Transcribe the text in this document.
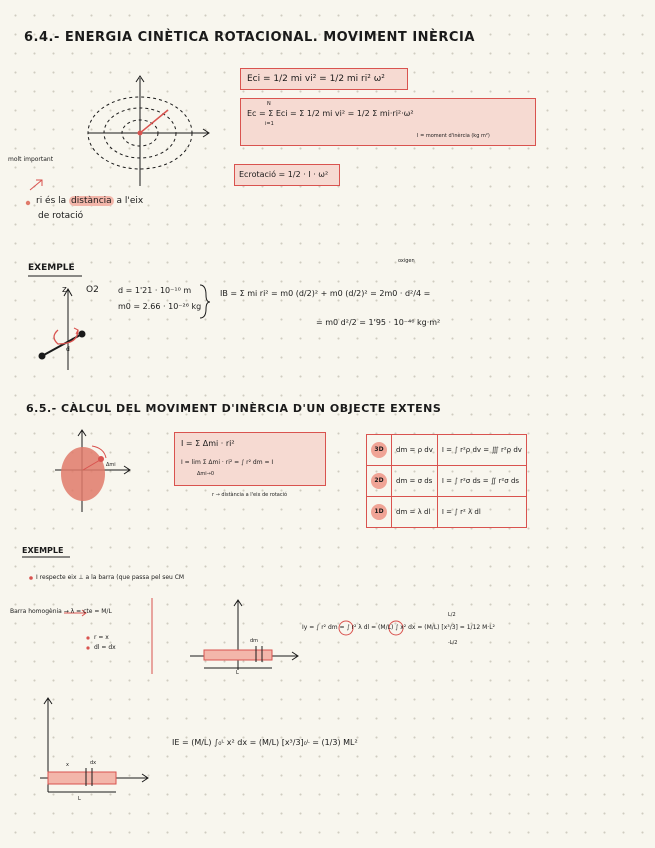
6.4.- ENERGIA CINÈTICA ROTACIONAL. MOVIMENT INÈRCIA
Eci = 1/2 mi vi² = 1/2 mi ri² ω²
Ec = Σ Eci = Σ 1/2 mi vi² = 1/2 Σ mi·ri²·ω²
N
i=1
I = moment d'inèrcia (kg m²)
Ecrotació = 1/2 · I · ω²
molt important
ri és la distància a l'eix
de rotació
EXEMPLE
z O2 d = 1'21 · 10⁻¹⁰ m
m0 = 2.66 · 10⁻²⁶ kg
d
IB = Σ mi ri² = m0 (d/2)² + m0 (d/2)² = 2m0 · d²/4 =
oxigen
= m0 d²/2 = 1'95 · 10⁻⁴⁶ kg·m²
6.5.- CÀLCUL DEL MOVIMENT D'INÈRCIA D'UN OBJECTE EXTENS
Δmi
I = Σ Δmi · ri²
I = lim Σ Δmi · ri² = ∫ r² dm = I
Δmi→0
r → distància a l'eix de rotació
3D	dm = ρ dv	I = ∫ r²ρ dv = ∭ r²ρ dv
2D	dm = σ ds	I = ∫ r²σ ds = ∬ r²σ ds
1D	dm = λ dl	I = ∫ r² λ dl
EXEMPLE
I respecte eix ⊥ a la barra (que passa pel seu CM
Barra homogènia → λ = cte = M/L
r = x
dl = dx
dm
L
Iy = ∫ r² dm = ∫ r² λ dl = (M/L) ∫ x² dx = (M/L) [x³/3] = 1/12 M·L²
L/2
-L/2
x	dx
L
IE = (M/L) ∫₀ᴸ x² dx = (M/L) [x³/3]₀ᴸ = (1/3) ML²
